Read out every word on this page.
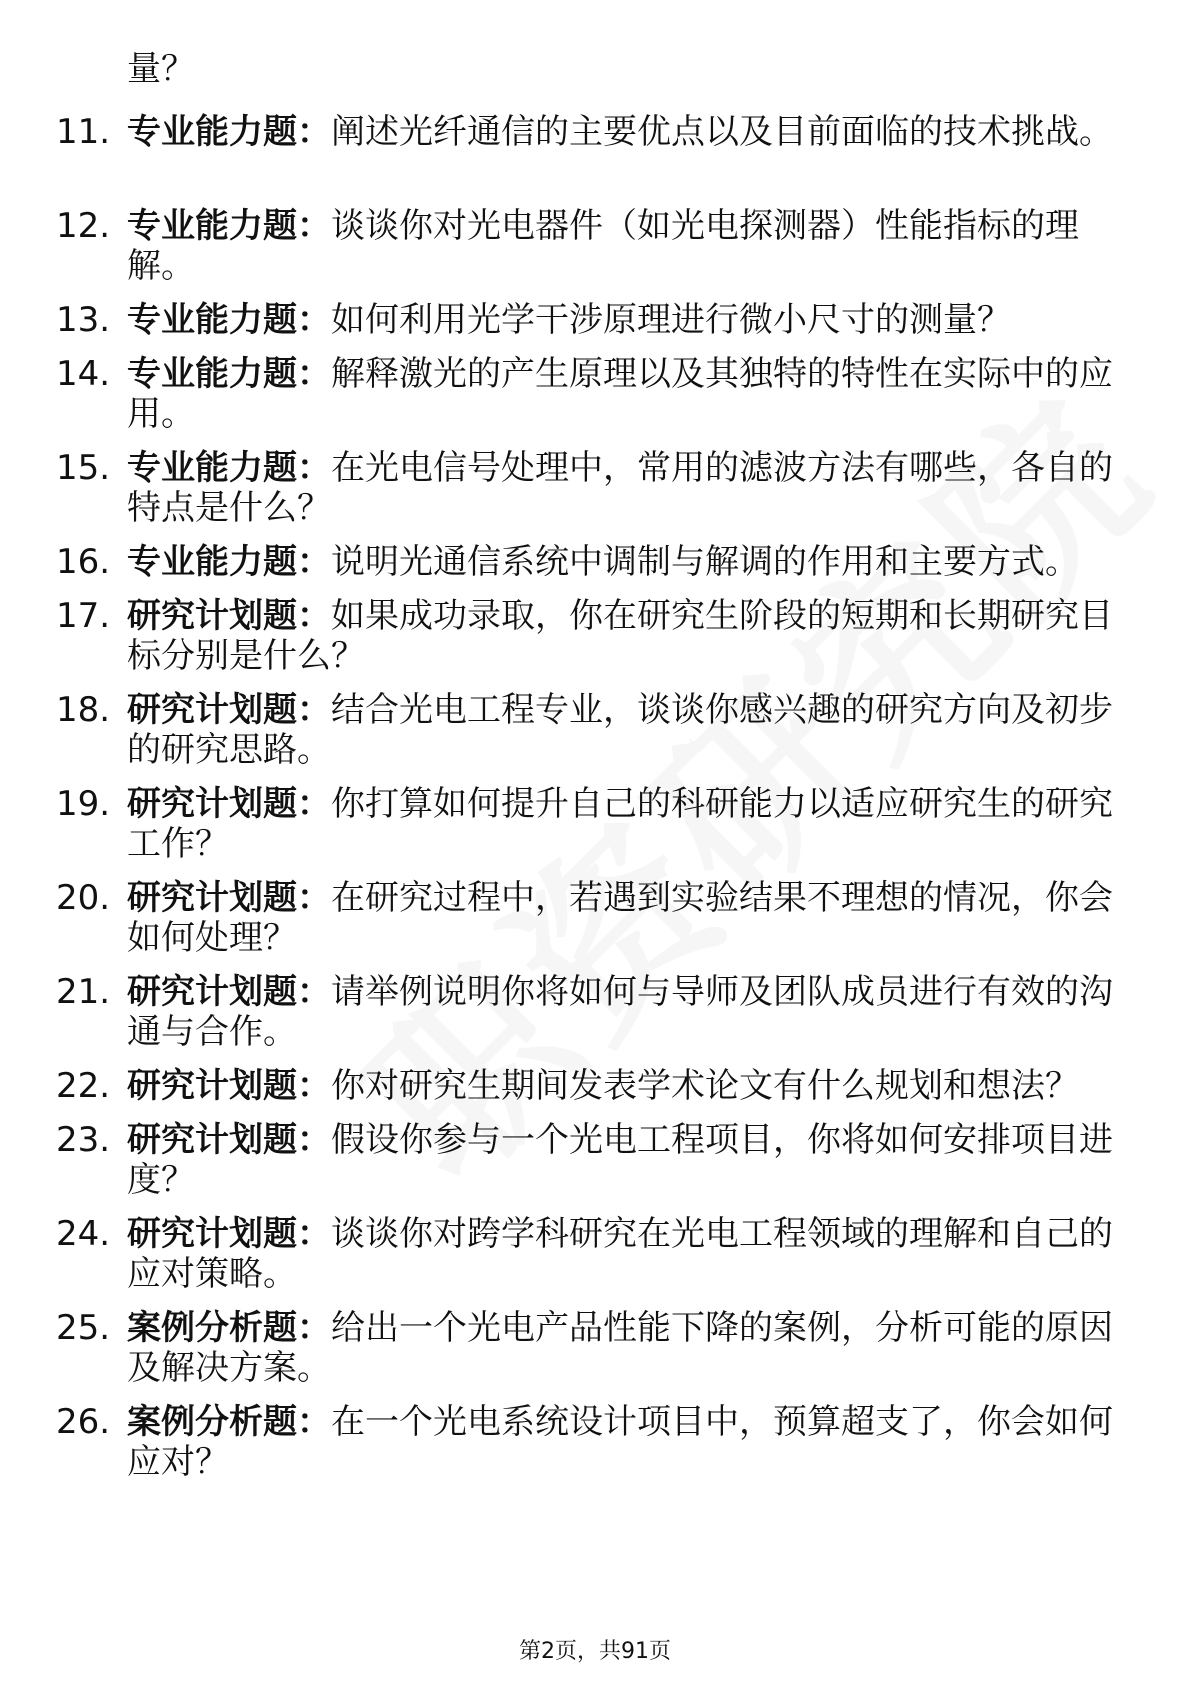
量？
11. 专业能力题：阐述光纤通信的主要优点以及目前面临的技术挑战。
12. 专业能力题：谈谈你对光电器件（如光电探测器）性能指标的理解。
13. 专业能力题：如何利用光学干涉原理进行微小尺寸的测量？
14. 专业能力题：解释激光的产生原理以及其独特的特性在实际中的应用。
15. 专业能力题：在光电信号处理中，常用的滤波方法有哪些，各自的特点是什么？
16. 专业能力题：说明光通信系统中调制与解调的作用和主要方式。
17. 研究计划题：如果成功录取，你在研究生阶段的短期和长期研究目标分别是什么？
18. 研究计划题：结合光电工程专业，谈谈你感兴趣的研究方向及初步的研究思路。
19. 研究计划题：你打算如何提升自己的科研能力以适应研究生的研究工作？
20. 研究计划题：在研究过程中，若遇到实验结果不理想的情况，你会如何处理？
21. 研究计划题：请举例说明你将如何与导师及团队成员进行有效的沟通与合作。
22. 研究计划题：你对研究生期间发表学术论文有什么规划和想法？
23. 研究计划题：假设你参与一个光电工程项目，你将如何安排项目进度？
24. 研究计划题：谈谈你对跨学科研究在光电工程领域的理解和自己的应对策略。
25. 案例分析题：给出一个光电产品性能下降的案例，分析可能的原因及解决方案。
26. 案例分析题：在一个光电系统设计项目中，预算超支了，你会如何应对？
第2页，共91页
